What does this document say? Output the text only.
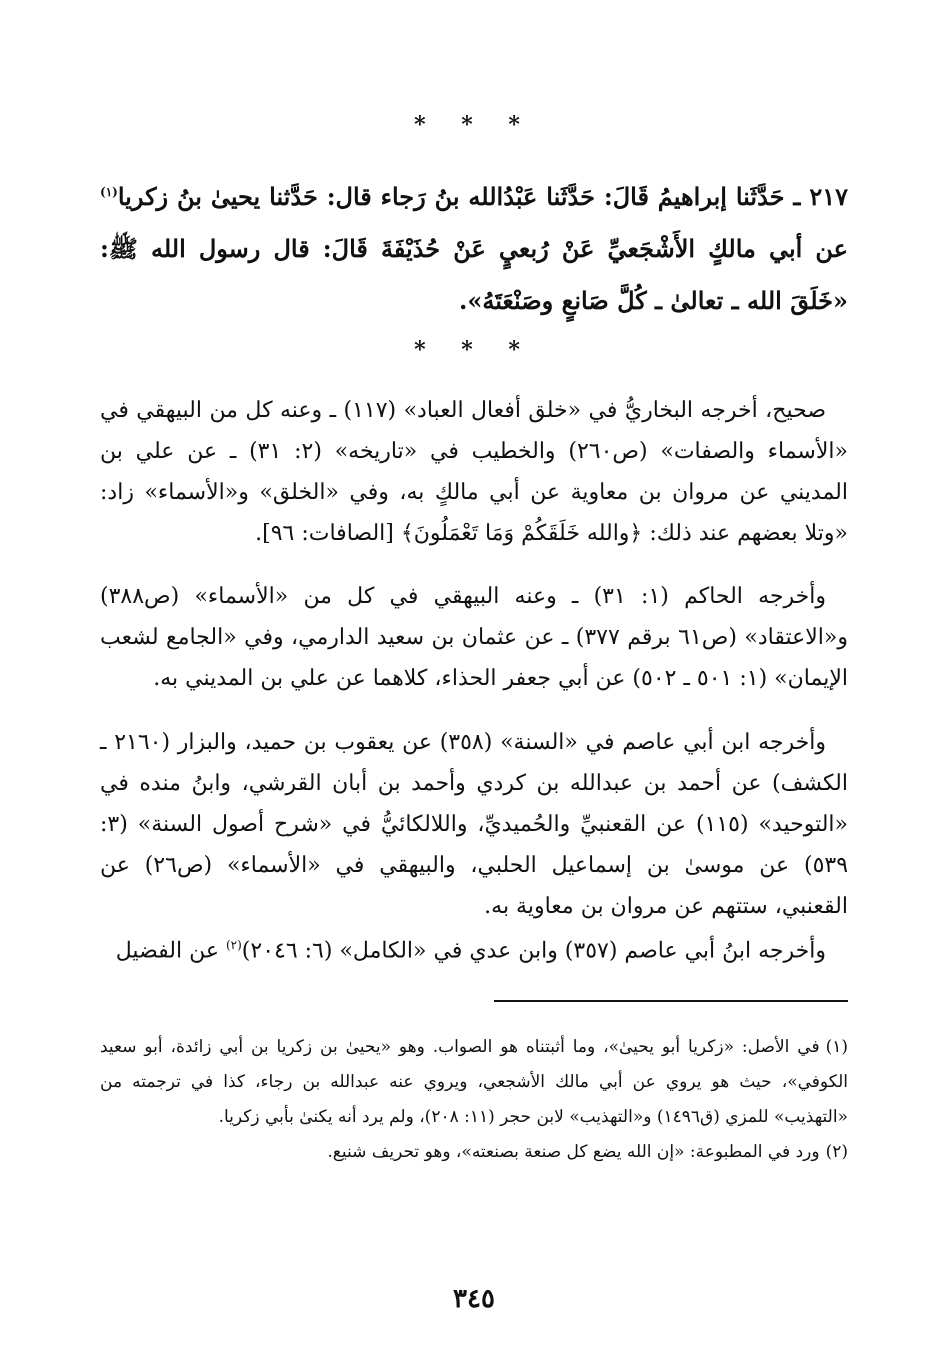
* * *
٢١٧ ـ حَدَّثَنا إبراهيمُ قَالَ: حَدَّثَنا عَبْدُالله بنُ رَجاء قال: حَدَّثنا يحيىٰ بنُ زكريا$^{(١)}$ عن أبي مالكٍ الأَشْجَعيِّ عَنْ رُبعيٍ عَنْ حُذَيْفَةَ قَالَ: قال رسول الله ﷺ: «خَلَقَ الله ـ تعالىٰ ـ كُلَّ صَانعٍ وصَنْعَتَهُ».
* * *
صحيح، أخرجه البخاريُّ في «خلق أفعال العباد» (١١٧) ـ وعنه كل من البيهقي في «الأسماء والصفات» (ص٢٦٠) والخطيب في «تاريخه» (٢: ٣١) ـ عن علي بن المديني عن مروان بن معاوية عن أبي مالكٍ به، وفي «الخلق» و«الأسماء» زاد: «وتلا بعضهم عند ذلك: ﴿والله خَلَقَكُمْ وَمَا تَعْمَلُونَ﴾ [الصافات: ٩٦].
وأخرجه الحاكم (١: ٣١) ـ وعنه البيهقي في كل من «الأسماء» (ص٣٨٨) و«الاعتقاد» (ص٦١ برقم ٣٧٧) ـ عن عثمان بن سعيد الدارمي، وفي «الجامع لشعب الإيمان» (١: ٥٠١ ـ ٥٠٢) عن أبي جعفر الحذاء، كلاهما عن علي بن المديني به.
وأخرجه ابن أبي عاصم في «السنة» (٣٥٨) عن يعقوب بن حميد، والبزار (٢١٦٠ ـ الكشف) عن أحمد بن عبدالله بن كردي وأحمد بن أبان القرشي، وابنُ منده في «التوحيد» (١١٥) عن القعنبيِّ والحُميديِّ، واللالكائيُّ في «شرح أصول السنة» (٣: ٥٣٩) عن موسىٰ بن إسماعيل الحلبي، والبيهقي في «الأسماء» (ص٢٦) عن القعنبي، ستتهم عن مروان بن معاوية به.
وأخرجه ابنُ أبي عاصم (٣٥٧) وابن عدي في «الكامل» (٦: ٢٠٤٦)$^{(٢)}$ عن الفضيل

(١)في الأصل: «زكريا أبو يحيىٰ»، وما أثبتناه هو الصواب. وهو «يحيىٰ بن زكريا بن أبي زائدة، أبو سعيد الكوفي»، حيث هو يروي عن أبي مالك الأشجعي، ويروي عنه عبدالله بن رجاء، كذا في ترجمته من «التهذيب» للمزي (ق١٤٩٦) و«التهذيب» لابن حجر (١١: ٢٠٨)، ولم يرد أنه يكنىٰ بأبي زكريا.

(٢)ورد في المطبوعة: «إن الله يضع كل صنعة بصنعته»، وهو تحريف شنيع.

٣٤٥
